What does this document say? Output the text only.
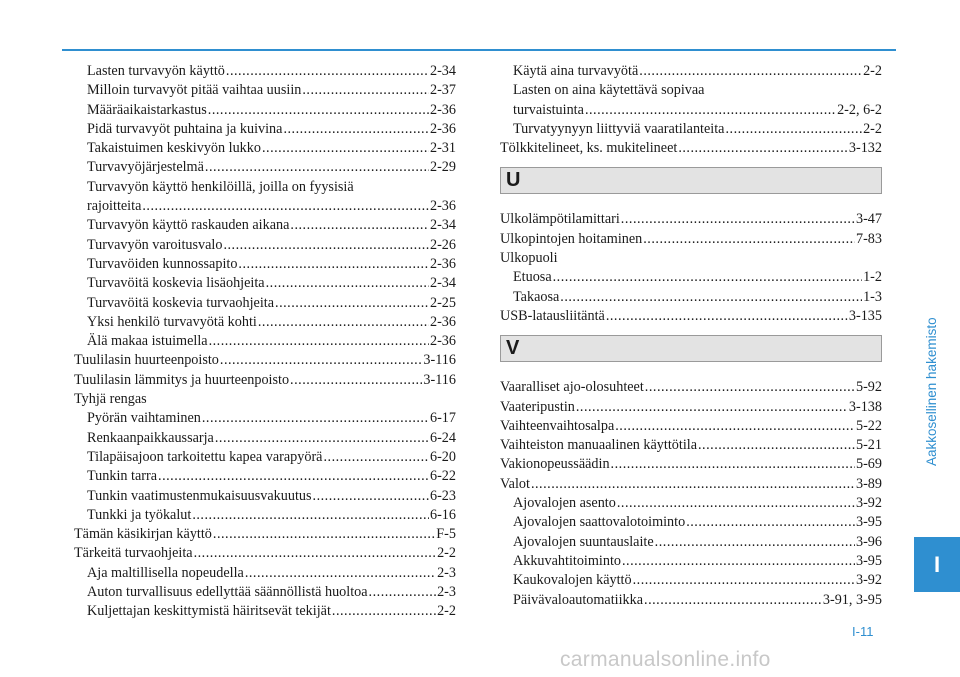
Lasten turvavyön käyttö .....	2-34
Milloin turvavyöt pitää vaihtaa uusiin .....	2-37
Määräaikaistarkastus .....	2-36
Pidä turvavyöt puhtaina ja kuivina .....	2-36
Takaistuimen keskivyön lukko .....	2-31
Turvavyöjärjestelmä .....	2-29
Turvavyön käyttö henkilöillä, joilla on fyysisiä
rajoitteita .....	2-36
Turvavyön käyttö raskauden aikana .....	2-34
Turvavyön varoitusvalo .....	2-26
Turvavöiden kunnossapito .....	2-36
Turvavöitä koskevia lisäohjeita .....	2-34
Turvavöitä koskevia turvaohjeita .....	2-25
Yksi henkilö turvavyötä kohti .....	2-36
Älä makaa istuimella .....	2-36
Tuulilasin huurteenpoisto .....	3-116
Tuulilasin lämmitys ja huurteenpoisto .....	3-116
Tyhjä rengas
Pyörän vaihtaminen .....	6-17
Renkaanpaikkaussarja .....	6-24
Tilapäisajoon tarkoitettu kapea varapyörä .....	6-20
Tunkin tarra .....	6-22
Tunkin vaatimustenmukaisuusvakuutus .....	6-23
Tunkki ja työkalut .....	6-16
Tämän käsikirjan käyttö .....	F-5
Tärkeitä turvaohjeita .....	2-2
Aja maltillisella nopeudella .....	2-3
Auton turvallisuus edellyttää säännöllistä huoltoa .....	2-3
Kuljettajan keskittymistä häiritsevät tekijät .....	2-2
Käytä aina turvavyötä .....	2-2
Lasten on aina käytettävä sopivaa
turvaistuinta .....	2-2, 6-2
Turvatyynyyn liittyviä vaaratilanteita .....	2-2
Tölkkitelineet, ks. mukitelineet .....	3-132
U
Ulkolämpötilamittari .....	3-47
Ulkopintojen hoitaminen .....	7-83
Ulkopuoli
Etuosa .....	1-2
Takaosa .....	1-3
USB-latausliitäntä .....	3-135
V
Vaaralliset ajo-olosuhteet .....	5-92
Vaateripustin .....	3-138
Vaihteenvaihtosalpa .....	5-22
Vaihteiston manuaalinen käyttötila .....	5-21
Vakionopeussäädin .....	5-69
Valot .....	3-89
Ajovalojen asento .....	3-92
Ajovalojen saattovalotoiminto .....	3-95
Ajovalojen suuntauslaite .....	3-96
Akkuvahtitoiminto .....	3-95
Kaukovalojen käyttö .....	3-92
Päivävaloautomatiikka .....	3-91, 3-95
Aakkosellinen hakemisto
I
I-11
carmanualsonline.info
